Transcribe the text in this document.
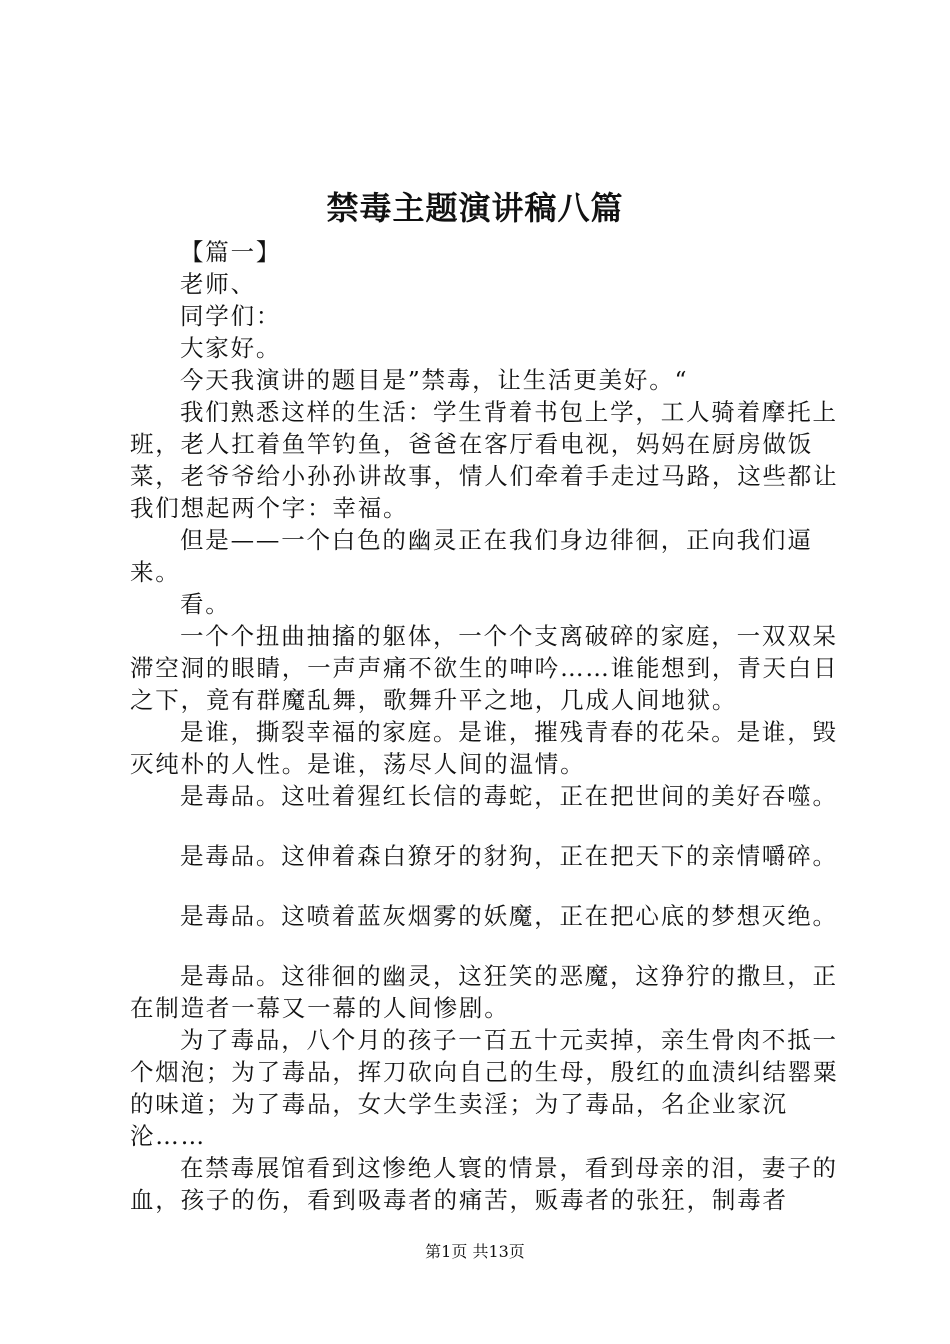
禁毒主题演讲稿八篇

【篇一】

老师、

同学们：

大家好。

今天我演讲的题目是”禁毒，让生活更美好。“

我们熟悉这样的生活：学生背着书包上学，工人骑着摩托上班，老人扛着鱼竿钓鱼，爸爸在客厅看电视，妈妈在厨房做饭菜，老爷爷给小孙孙讲故事，情人们牵着手走过马路，这些都让我们想起两个字：幸福。

但是——一个白色的幽灵正在我们身边徘徊，正向我们逼来。

看。

一个个扭曲抽搐的躯体，一个个支离破碎的家庭，一双双呆滞空洞的眼睛，一声声痛不欲生的呻吟……谁能想到，青天白日之下，竟有群魔乱舞，歌舞升平之地，几成人间地狱。

是谁，撕裂幸福的家庭。是谁，摧残青春的花朵。是谁，毁灭纯朴的人性。是谁，荡尽人间的温情。

是毒品。这吐着猩红长信的毒蛇，正在把世间的美好吞噬。

是毒品。这伸着森白獠牙的豺狗，正在把天下的亲情嚼碎。

是毒品。这喷着蓝灰烟雾的妖魔，正在把心底的梦想灭绝。

是毒品。这徘徊的幽灵，这狂笑的恶魔，这狰狞的撒旦，正在制造者一幕又一幕的人间惨剧。

为了毒品，八个月的孩子一百五十元卖掉，亲生骨肉不抵一个烟泡；为了毒品，挥刀砍向自己的生母，殷红的血渍纠结罂粟的味道；为了毒品，女大学生卖淫；为了毒品，名企业家沉沦……

在禁毒展馆看到这惨绝人寰的情景，看到母亲的泪，妻子的血，孩子的伤，看到吸毒者的痛苦，贩毒者的张狂，制毒者

第1页 共13页
